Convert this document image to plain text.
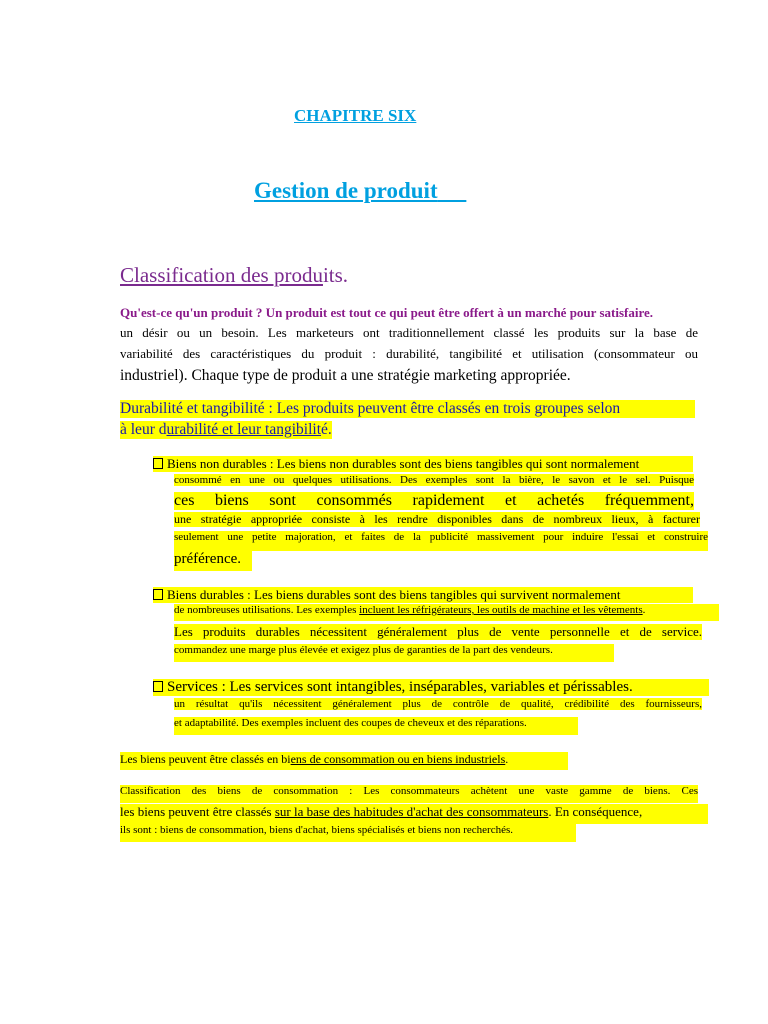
CHAPITRE SIX
Gestion de produit
Classification des produits.
Qu'est-ce qu'un produit ? Un produit est tout ce qui peut être offert à un marché pour satisfaire.
un désir ou un besoin. Les marketeurs ont traditionnellement classé les produits sur la base de
variabilité des caractéristiques du produit : durabilité, tangibilité et utilisation (consommateur ou
industriel). Chaque type de produit a une stratégie marketing appropriée.
Durabilité et tangibilité : Les produits peuvent être classés en trois groupes selon
à leur durabilité et leur tangibilité.
Biens non durables : Les biens non durables sont des biens tangibles qui sont normalement
consommé en une ou quelques utilisations. Des exemples sont la bière, le savon et le sel. Puisque
ces biens sont consommés rapidement et achetés fréquemment,
une stratégie appropriée consiste à les rendre disponibles dans de nombreux lieux, à facturer
seulement une petite majoration, et faites de la publicité massivement pour induire l'essai et construire
préférence.
Biens durables : Les biens durables sont des biens tangibles qui survivent normalement
de nombreuses utilisations. Les exemples incluent les réfrigérateurs, les outils de machine et les vêtements.
Les produits durables nécessitent généralement plus de vente personnelle et de service.
commandez une marge plus élevée et exigez plus de garanties de la part des vendeurs.
Services : Les services sont intangibles, inséparables, variables et périssables.
un résultat qu'ils nécessitent généralement plus de contrôle de qualité, crédibilité des fournisseurs,
et adaptabilité. Des exemples incluent des coupes de cheveux et des réparations.
Les biens peuvent être classés en biens de consommation ou en biens industriels.
Classification des biens de consommation : Les consommateurs achètent une vaste gamme de biens. Ces
les biens peuvent être classés sur la base des habitudes d'achat des consommateurs. En conséquence,
ils sont : biens de consommation, biens d'achat, biens spécialisés et biens non recherchés.
